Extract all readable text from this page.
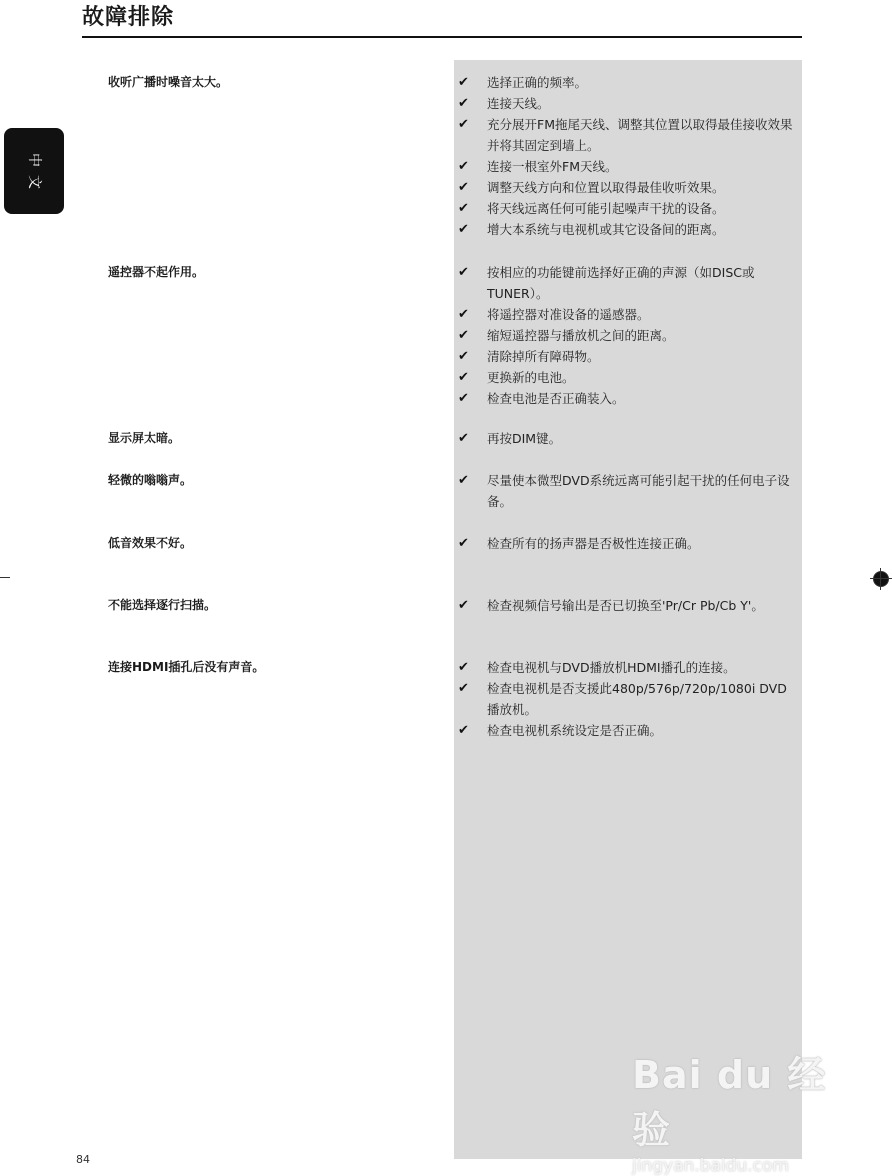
故障排除
中
文
收听广播时噪音太大。	✔ 选择正确的频率。
✔ 连接天线。
✔ 充分展开FM拖尾天线、调整其位置以取得最佳接收效果并将其固定到墙上。
✔ 连接一根室外FM天线。
✔ 调整天线方向和位置以取得最佳收听效果。
✔ 将天线远离任何可能引起噪声干扰的设备。
✔ 增大本系统与电视机或其它设备间的距离。
遥控器不起作用。	✔ 按相应的功能键前选择好正确的声源（如DISC或TUNER）。
✔ 将遥控器对准设备的遥感器。
✔ 缩短遥控器与播放机之间的距离。
✔ 清除掉所有障碍物。
✔ 更换新的电池。
✔ 检查电池是否正确装入。
显示屏太暗。	✔ 再按DIM键。
轻微的嗡嗡声。	✔ 尽量使本微型DVD系统远离可能引起干扰的任何电子设备。
低音效果不好。	✔ 检查所有的扬声器是否极性连接正确。
不能选择逐行扫描。	✔ 检查视频信号输出是否已切换至'Pr/Cr Pb/Cb Y'。
连接HDMI插孔后没有声音。	✔ 检查电视机与DVD播放机HDMI播孔的连接。
✔ 检查电视机是否支援此480p/576p/720p/1080i DVD 播放机。
✔ 检查电视机系统设定是否正确。
Bai du 经验
jingyan.baidu.com
84
